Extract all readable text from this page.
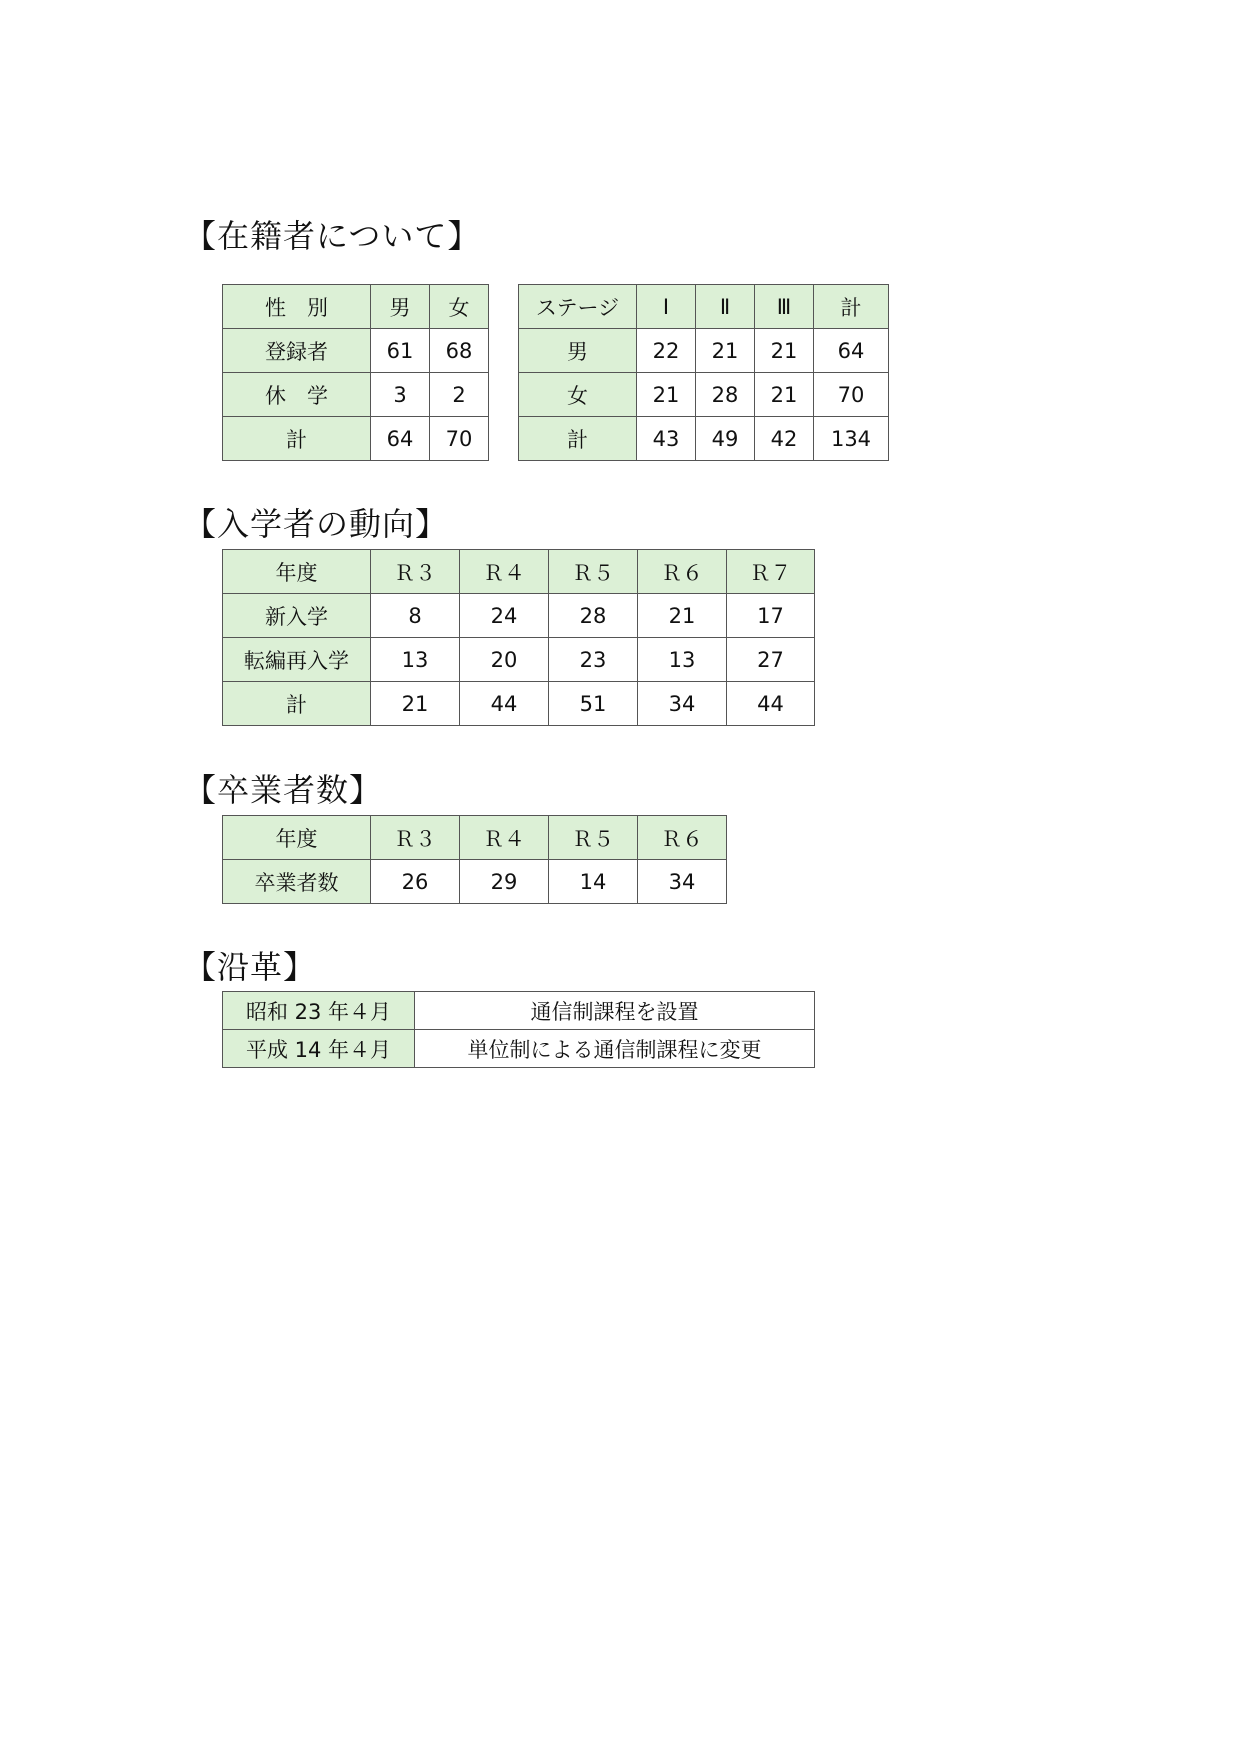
【在籍者について】
性　別	男	女
登録者	61	68
休　学	3	2
計	64	70
ステージ	Ⅰ	Ⅱ	Ⅲ	計
男	22	21	21	64
女	21	28	21	70
計	43	49	42	134
【入学者の動向】
年度	Ｒ３	Ｒ４	Ｒ５	Ｒ６	Ｒ７
新入学	8	24	28	21	17
転編再入学	13	20	23	13	27
計	21	44	51	34	44
【卒業者数】
年度	Ｒ３	Ｒ４	Ｒ５	Ｒ６
卒業者数	26	29	14	34
【沿革】
昭和 23 年４月	通信制課程を設置
平成 14 年４月	単位制による通信制課程に変更
